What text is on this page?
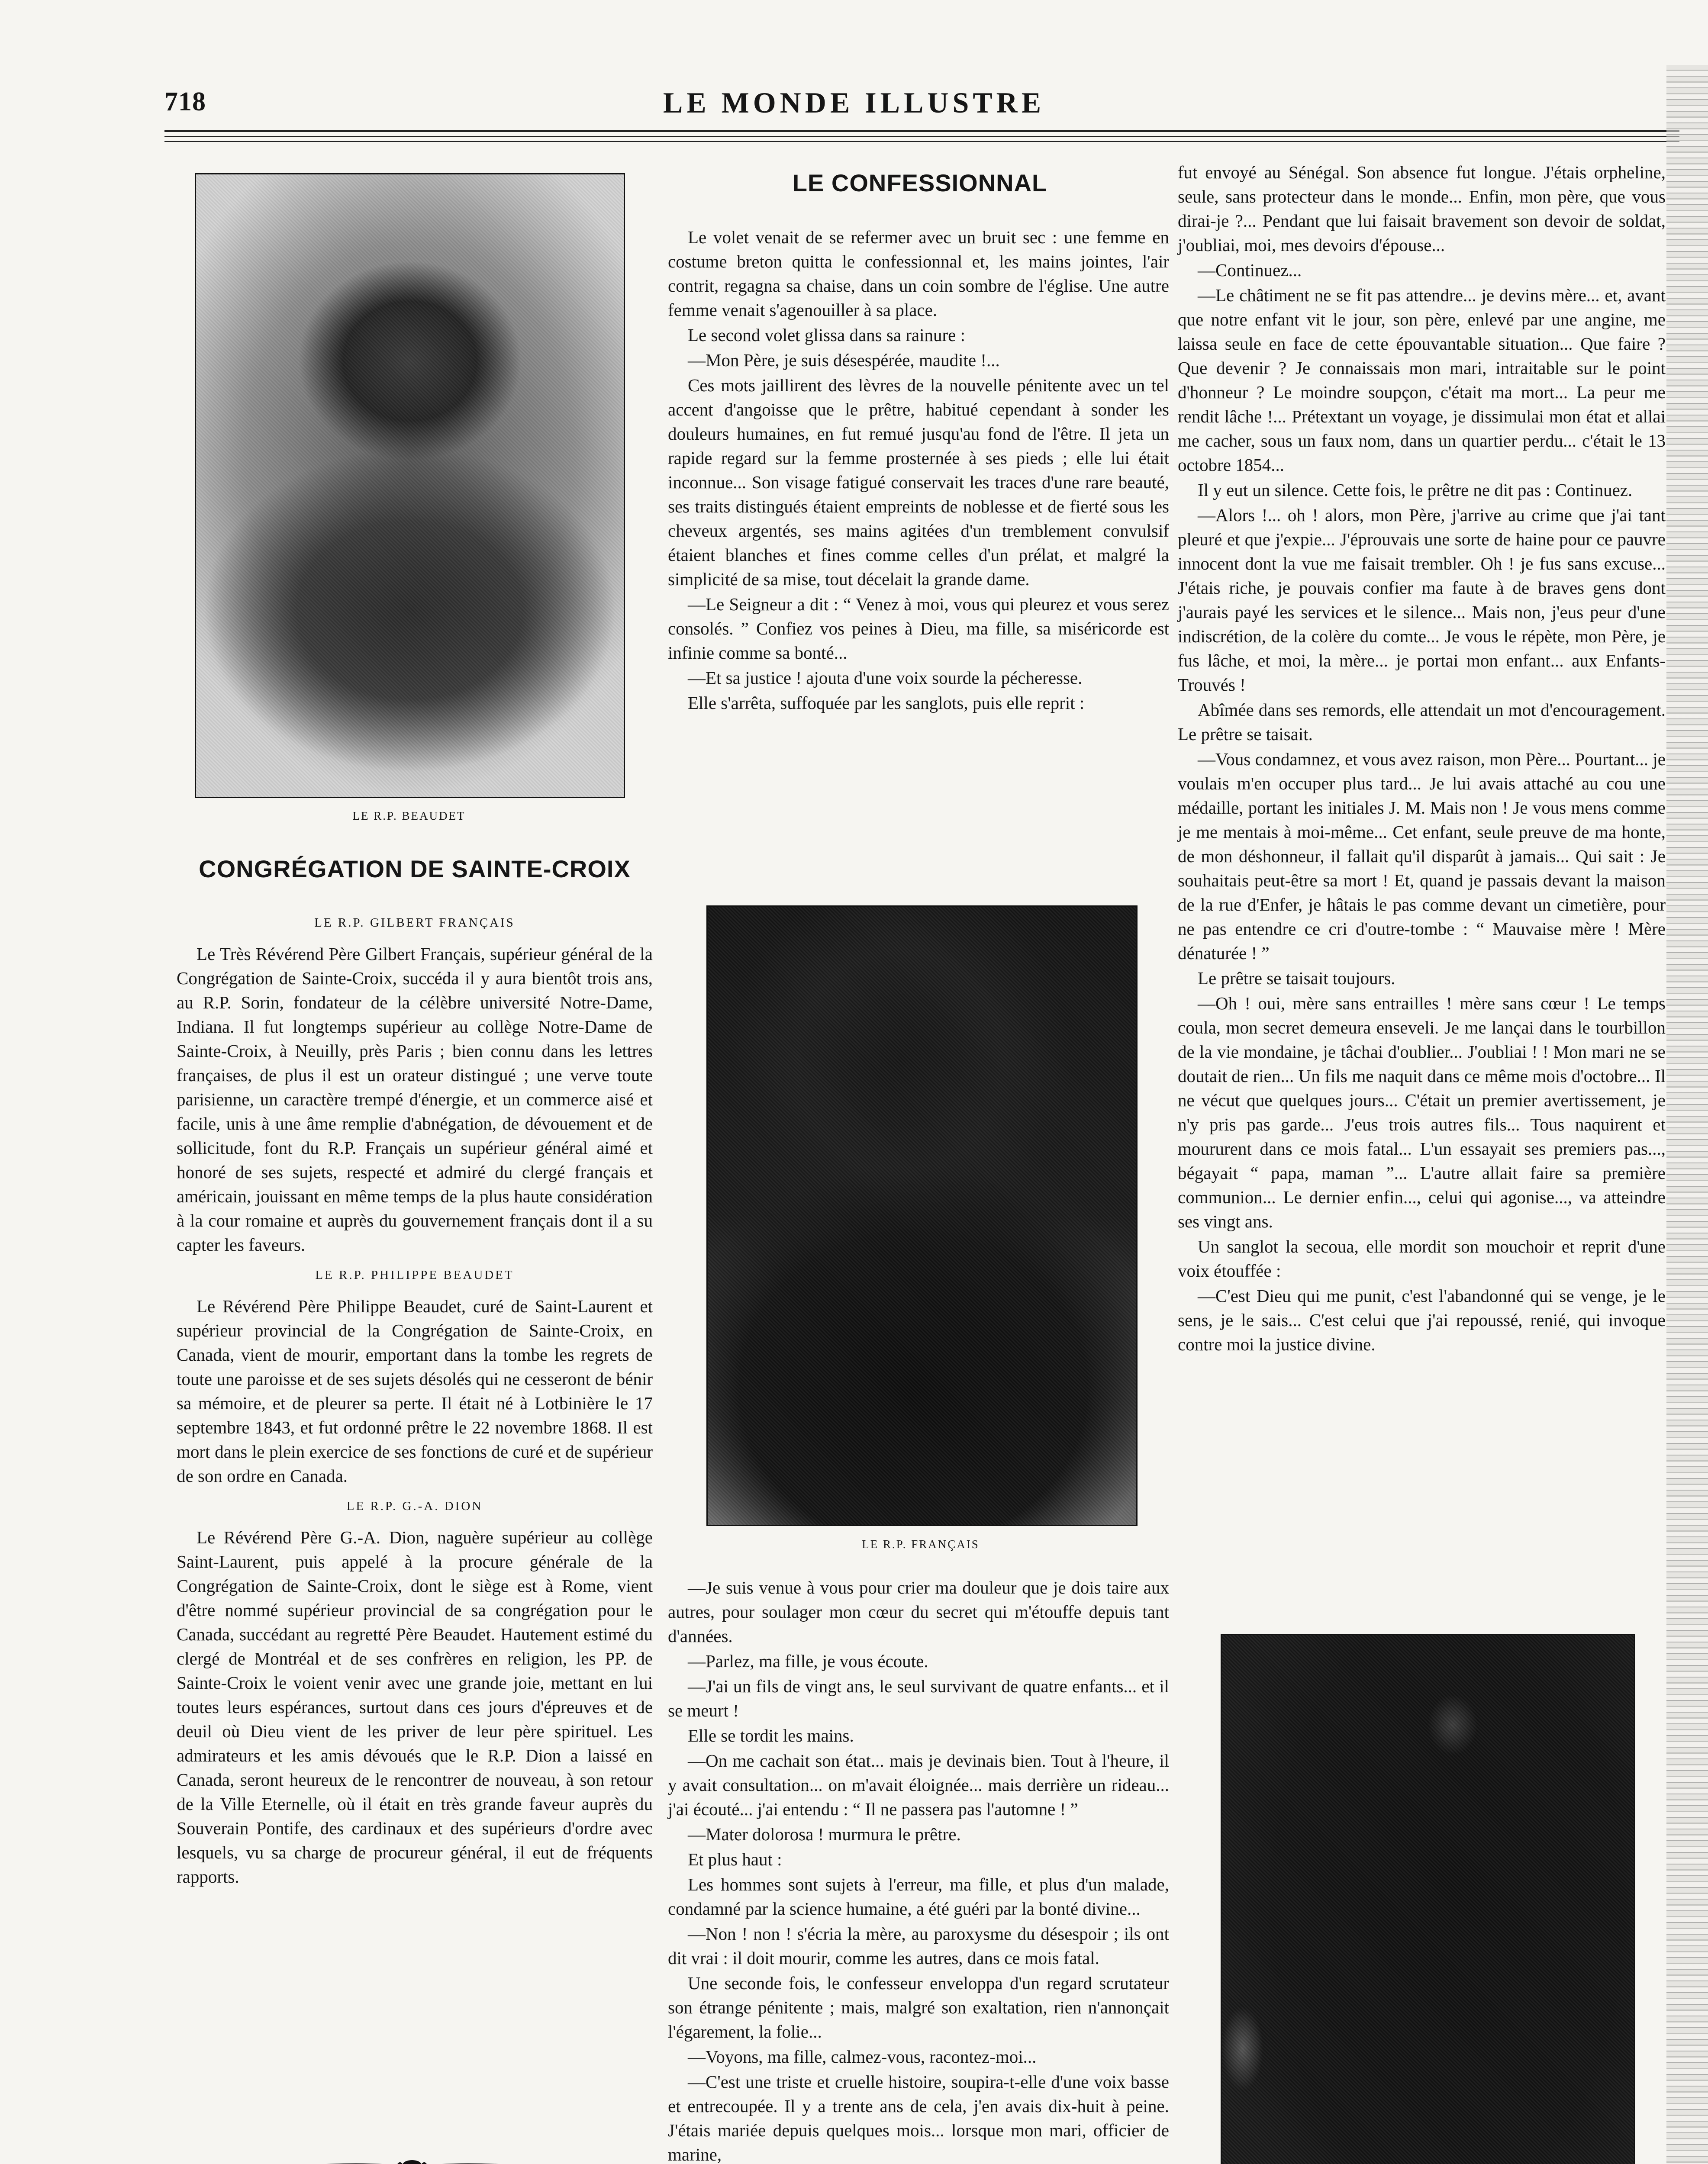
718	LE MONDE ILLUSTRE
LE R.P. BEAUDET
CONGRÉGATION DE SAINTE-CROIX
LE R.P. GILBERT FRANÇAIS

Le Très Révérend Père Gilbert Français, supérieur général de la Congrégation de Sainte-Croix, succéda il y aura bientôt trois ans, au R.P. Sorin, fondateur de la célèbre université Notre-Dame, Indiana. Il fut longtemps supérieur au collège Notre-Dame de Sainte-Croix, à Neuilly, près Paris ; bien connu dans les lettres françaises, de plus il est un orateur distingué ; une verve toute parisienne, un caractère trempé d'énergie, et un commerce aisé et facile, unis à une âme remplie d'abnégation, de dévouement et de sollicitude, font du R.P. Français un supérieur général aimé et honoré de ses sujets, respecté et admiré du clergé français et américain, jouissant en même temps de la plus haute considération à la cour romaine et auprès du gouvernement français dont il a su capter les faveurs.

LE R.P. PHILIPPE BEAUDET

Le Révérend Père Philippe Beaudet, curé de Saint-Laurent et supérieur provincial de la Congrégation de Sainte-Croix, en Canada, vient de mourir, emportant dans la tombe les regrets de toute une paroisse et de ses sujets désolés qui ne cesseront de bénir sa mémoire, et de pleurer sa perte. Il était né à Lotbinière le 17 septembre 1843, et fut ordonné prêtre le 22 novembre 1868. Il est mort dans le plein exercice de ses fonctions de curé et de supérieur de son ordre en Canada.

LE R.P. G.-A. DION

Le Révérend Père G.-A. Dion, naguère supérieur au collège Saint-Laurent, puis appelé à la procure générale de la Congrégation de Sainte-Croix, dont le siège est à Rome, vient d'être nommé supérieur provincial de sa congrégation pour le Canada, succédant au regretté Père Beaudet. Hautement estimé du clergé de Montréal et de ses confrères en religion, les PP. de Sainte-Croix le voient venir avec une grande joie, mettant en lui toutes leurs espérances, surtout dans ces jours d'épreuves et de deuil où Dieu vient de les priver de leur père spirituel. Les admirateurs et les amis dévoués que le R.P. Dion a laissé en Canada, seront heureux de le rencontrer de nouveau, à son retour de la Ville Eternelle, où il était en très grande faveur auprès du Souverain Pontife, des cardinaux et des supérieurs d'ordre avec lesquels, vu sa charge de procureur général, il eut de fréquents rapports.

LE CONFESSIONNAL

Le volet venait de se refermer avec un bruit sec : une femme en costume breton quitta le confessionnal et, les mains jointes, l'air contrit, regagna sa chaise, dans un coin sombre de l'église. Une autre femme venait s'agenouiller à sa place.

Le second volet glissa dans sa rainure :

—Mon Père, je suis désespérée, maudite !...

Ces mots jaillirent des lèvres de la nouvelle pénitente avec un tel accent d'angoisse que le prêtre, habitué cependant à sonder les douleurs humaines, en fut remué jusqu'au fond de l'être. Il jeta un rapide regard sur la femme prosternée à ses pieds ; elle lui était inconnue... Son visage fatigué conservait les traces d'une rare beauté, ses traits distingués étaient empreints de noblesse et de fierté sous les cheveux argentés, ses mains agitées d'un tremblement convulsif étaient blanches et fines comme celles d'un prélat, et malgré la simplicité de sa mise, tout décelait la grande dame.

—Le Seigneur a dit : “ Venez à moi, vous qui pleurez et vous serez consolés. ” Confiez vos peines à Dieu, ma fille, sa miséricorde est infinie comme sa bonté...

—Et sa justice ! ajouta d'une voix sourde la pécheresse.

Elle s'arrêta, suffoquée par les sanglots, puis elle reprit :

LE R.P. FRANÇAIS

—Je suis venue à vous pour crier ma douleur que je dois taire aux autres, pour soulager mon cœur du secret qui m'étouffe depuis tant d'années.

—Parlez, ma fille, je vous écoute.

—J'ai un fils de vingt ans, le seul survivant de quatre enfants... et il se meurt !

Elle se tordit les mains.

—On me cachait son état... mais je devinais bien. Tout à l'heure, il y avait consultation... on m'avait éloignée... mais derrière un rideau... j'ai écouté... j'ai entendu : “ Il ne passera pas l'automne ! ”

—Mater dolorosa ! murmura le prêtre.

Et plus haut :

Les hommes sont sujets à l'erreur, ma fille, et plus d'un malade, condamné par la science humaine, a été guéri par la bonté divine...

—Non ! non ! s'écria la mère, au paroxysme du désespoir ; ils ont dit vrai : il doit mourir, comme les autres, dans ce mois fatal.

Une seconde fois, le confesseur enveloppa d'un regard scrutateur son étrange pénitente ; mais, malgré son exaltation, rien n'annonçait l'égarement, la folie...

—Voyons, ma fille, calmez-vous, racontez-moi...

—C'est une triste et cruelle histoire, soupira-t-elle d'une voix basse et entrecoupée. Il y a trente ans de cela, j'en avais dix-huit à peine. J'étais mariée depuis quelques mois... lorsque mon mari, officier de marine,

fut envoyé au Sénégal. Son absence fut longue. J'étais orpheline, seule, sans protecteur dans le monde... Enfin, mon père, que vous dirai-je ?... Pendant que lui faisait bravement son devoir de soldat, j'oubliai, moi, mes devoirs d'épouse...

—Continuez...

—Le châtiment ne se fit pas attendre... je devins mère... et, avant que notre enfant vit le jour, son père, enlevé par une angine, me laissa seule en face de cette épouvantable situation... Que faire ? Que devenir ? Je connaissais mon mari, intraitable sur le point d'honneur ? Le moindre soupçon, c'était ma mort... La peur me rendit lâche !... Prétextant un voyage, je dissimulai mon état et allai me cacher, sous un faux nom, dans un quartier perdu... c'était le 13 octobre 1854...

Il y eut un silence. Cette fois, le prêtre ne dit pas : Continuez.

—Alors !... oh ! alors, mon Père, j'arrive au crime que j'ai tant pleuré et que j'expie... J'éprouvais une sorte de haine pour ce pauvre innocent dont la vue me faisait trembler. Oh ! je fus sans excuse... J'étais riche, je pouvais confier ma faute à de braves gens dont j'aurais payé les services et le silence... Mais non, j'eus peur d'une indiscrétion, de la colère du comte... Je vous le répète, mon Père, je fus lâche, et moi, la mère... je portai mon enfant... aux Enfants-Trouvés !

Abîmée dans ses remords, elle attendait un mot d'encouragement. Le prêtre se taisait.

—Vous condamnez, et vous avez raison, mon Père... Pourtant... je voulais m'en occuper plus tard... Je lui avais attaché au cou une médaille, portant les initiales J. M. Mais non ! Je vous mens comme je me mentais à moi-même... Cet enfant, seule preuve de ma honte, de mon déshonneur, il fallait qu'il disparût à jamais... Qui sait : Je souhaitais peut-être sa mort ! Et, quand je passais devant la maison de la rue d'Enfer, je hâtais le pas comme devant un cimetière, pour ne pas entendre ce cri d'outre-tombe : “ Mauvaise mère ! Mère dénaturée ! ”

Le prêtre se taisait toujours.

—Oh ! oui, mère sans entrailles ! mère sans cœur ! Le temps coula, mon secret demeura enseveli. Je me lançai dans le tourbillon de la vie mondaine, je tâchai d'oublier... J'oubliai ! ! Mon mari ne se doutait de rien... Un fils me naquit dans ce même mois d'octobre... Il ne vécut que quelques jours... C'était un premier avertissement, je n'y pris pas garde... J'eus trois autres fils... Tous naquirent et moururent dans ce mois fatal... L'un essayait ses premiers pas..., bégayait “ papa, maman ”... L'autre allait faire sa première communion... Le dernier enfin..., celui qui agonise..., va atteindre ses vingt ans.

Un sanglot la secoua, elle mordit son mouchoir et reprit d'une voix étouffée :

—C'est Dieu qui me punit, c'est l'abandonné qui se venge, je le sens, je le sais... C'est celui que j'ai repoussé, renié, qui invoque contre moi la justice divine.
